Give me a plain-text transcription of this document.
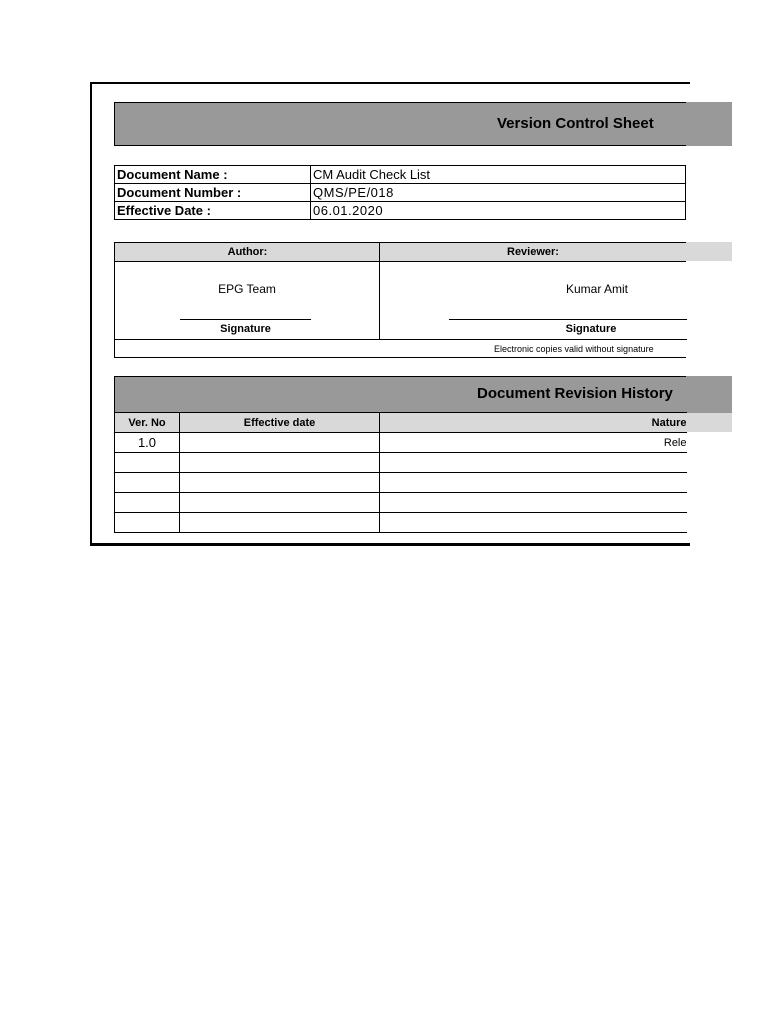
Version Control Sheet
Document Name :	CM Audit Check List
Document Number :	QMS/PE/018
Effective Date :	06.01.2020
Author:	Reviewer:
EPG Team	Kumar Amit
Signature	Signature
Electronic copies valid without signature
Document Revision History
Ver. No	Effective date	Nature
1.0		Rele
